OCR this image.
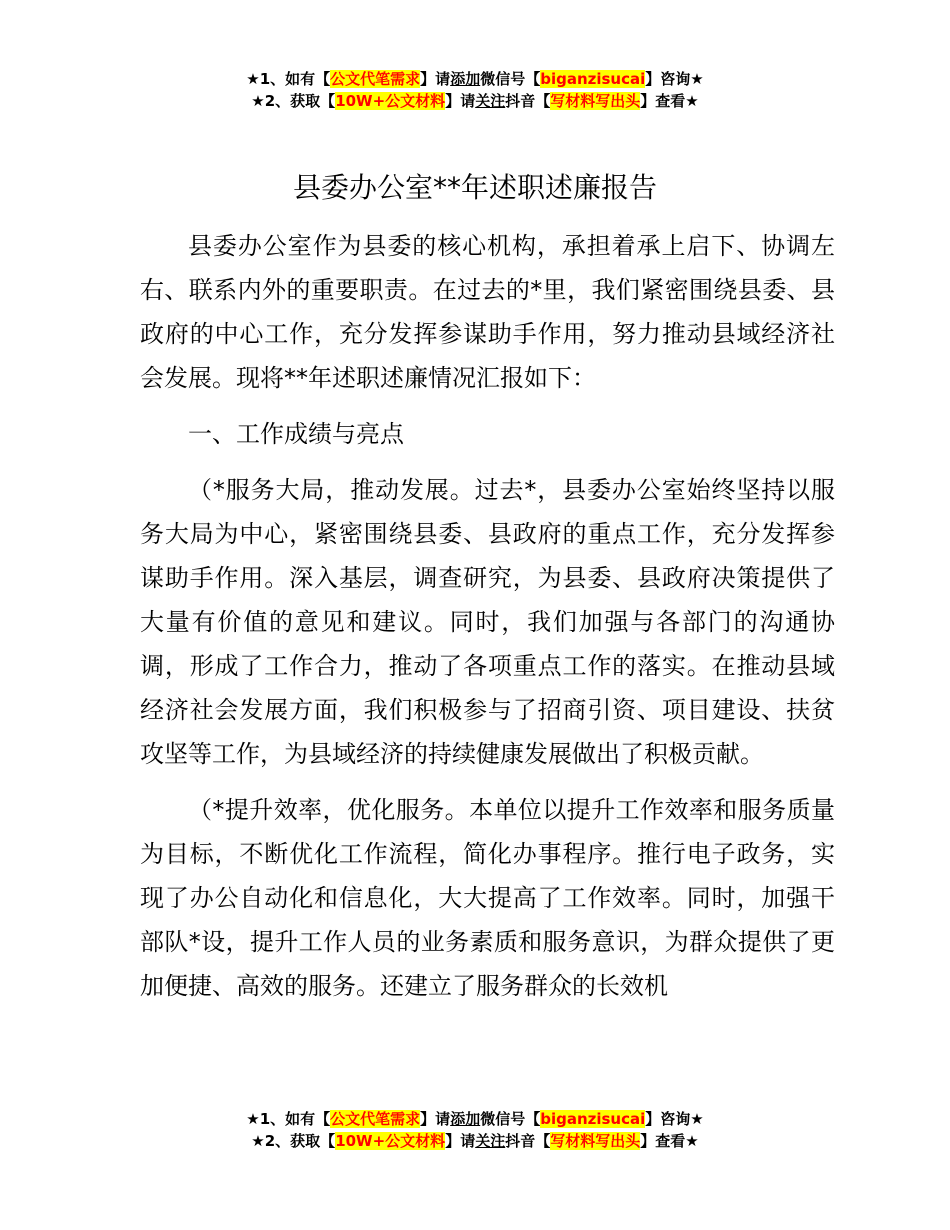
★1、如有【公文代笔需求】请添加微信号【biganzisucai】咨询★
★2、获取【10W+公文材料】请关注抖音【写材料写出头】查看★
县委办公室**年述职述廉报告

县委办公室作为县委的核心机构，承担着承上启下、协调左右、联系内外的重要职责。在过去的*里，我们紧密围绕县委、县政府的中心工作，充分发挥参谋助手作用，努力推动县域经济社会发展。现将**年述职述廉情况汇报如下：

一、工作成绩与亮点

（*服务大局，推动发展。过去*，县委办公室始终坚持以服务大局为中心，紧密围绕县委、县政府的重点工作，充分发挥参谋助手作用。深入基层，调查研究，为县委、县政府决策提供了大量有价值的意见和建议。同时，我们加强与各部门的沟通协调，形成了工作合力，推动了各项重点工作的落实。在推动县域经济社会发展方面，我们积极参与了招商引资、项目建设、扶贫攻坚等工作，为县域经济的持续健康发展做出了积极贡献。

（*提升效率，优化服务。本单位以提升工作效率和服务质量为目标，不断优化工作流程，简化办事程序。推行电子政务，实现了办公自动化和信息化，大大提高了工作效率。同时，加强干部队*设，提升工作人员的业务素质和服务意识，为群众提供了更加便捷、高效的服务。还建立了服务群众的长效机

★1、如有【公文代笔需求】请添加微信号【biganzisucai】咨询★
★2、获取【10W+公文材料】请关注抖音【写材料写出头】查看★
